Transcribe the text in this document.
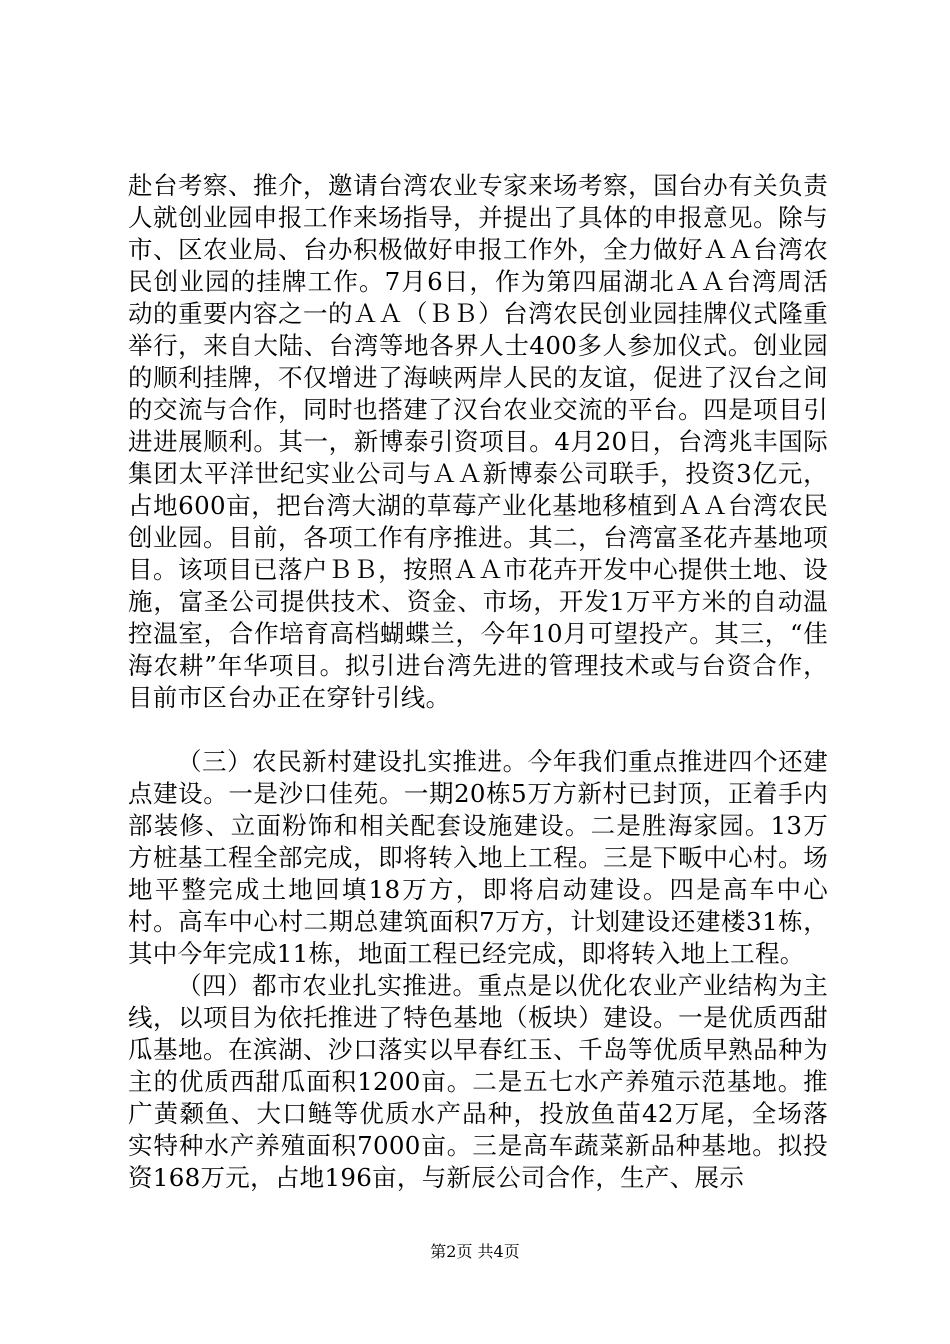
赴台考察、推介，邀请台湾农业专家来场考察，国台办有关负责人就创业园申报工作来场指导，并提出了具体的申报意见。除与市、区农业局、台办积极做好申报工作外，全力做好ＡＡ台湾农民创业园的挂牌工作。7月6日，作为第四届湖北ＡＡ台湾周活动的重要内容之一的ＡＡ（ＢＢ）台湾农民创业园挂牌仪式隆重举行，来自大陆、台湾等地各界人士400多人参加仪式。创业园的顺利挂牌，不仅增进了海峡两岸人民的友谊，促进了汉台之间的交流与合作，同时也搭建了汉台农业交流的平台。四是项目引进进展顺利。其一，新博泰引资项目。4月20日，台湾兆丰国际集团太平洋世纪实业公司与ＡＡ新博泰公司联手，投资3亿元，占地600亩，把台湾大湖的草莓产业化基地移植到ＡＡ台湾农民创业园。目前，各项工作有序推进。其二，台湾富圣花卉基地项目。该项目已落户ＢＢ，按照ＡＡ市花卉开发中心提供土地、设施，富圣公司提供技术、资金、市场，开发1万平方米的自动温控温室，合作培育高档蝴蝶兰，今年10月可望投产。其三，“佳海农耕”年华项目。拟引进台湾先进的管理技术或与台资合作，目前市区台办正在穿针引线。

（三）农民新村建设扎实推进。今年我们重点推进四个还建点建设。一是沙口佳苑。一期20栋5万方新村已封顶，正着手内部装修、立面粉饰和相关配套设施建设。二是胜海家园。13万方桩基工程全部完成，即将转入地上工程。三是下畈中心村。场地平整完成土地回填18万方，即将启动建设。四是高车中心村。高车中心村二期总建筑面积7万方，计划建设还建楼31栋，其中今年完成11栋，地面工程已经完成，即将转入地上工程。

（四）都市农业扎实推进。重点是以优化农业产业结构为主线，以项目为依托推进了特色基地（板块）建设。一是优质西甜瓜基地。在滨湖、沙口落实以早春红玉、千岛等优质早熟品种为主的优质西甜瓜面积1200亩。二是五七水产养殖示范基地。推广黄颡鱼、大口鲢等优质水产品种，投放鱼苗42万尾，全场落实特种水产养殖面积7000亩。三是高车蔬菜新品种基地。拟投资168万元，占地196亩，与新辰公司合作，生产、展示

第2页 共4页
